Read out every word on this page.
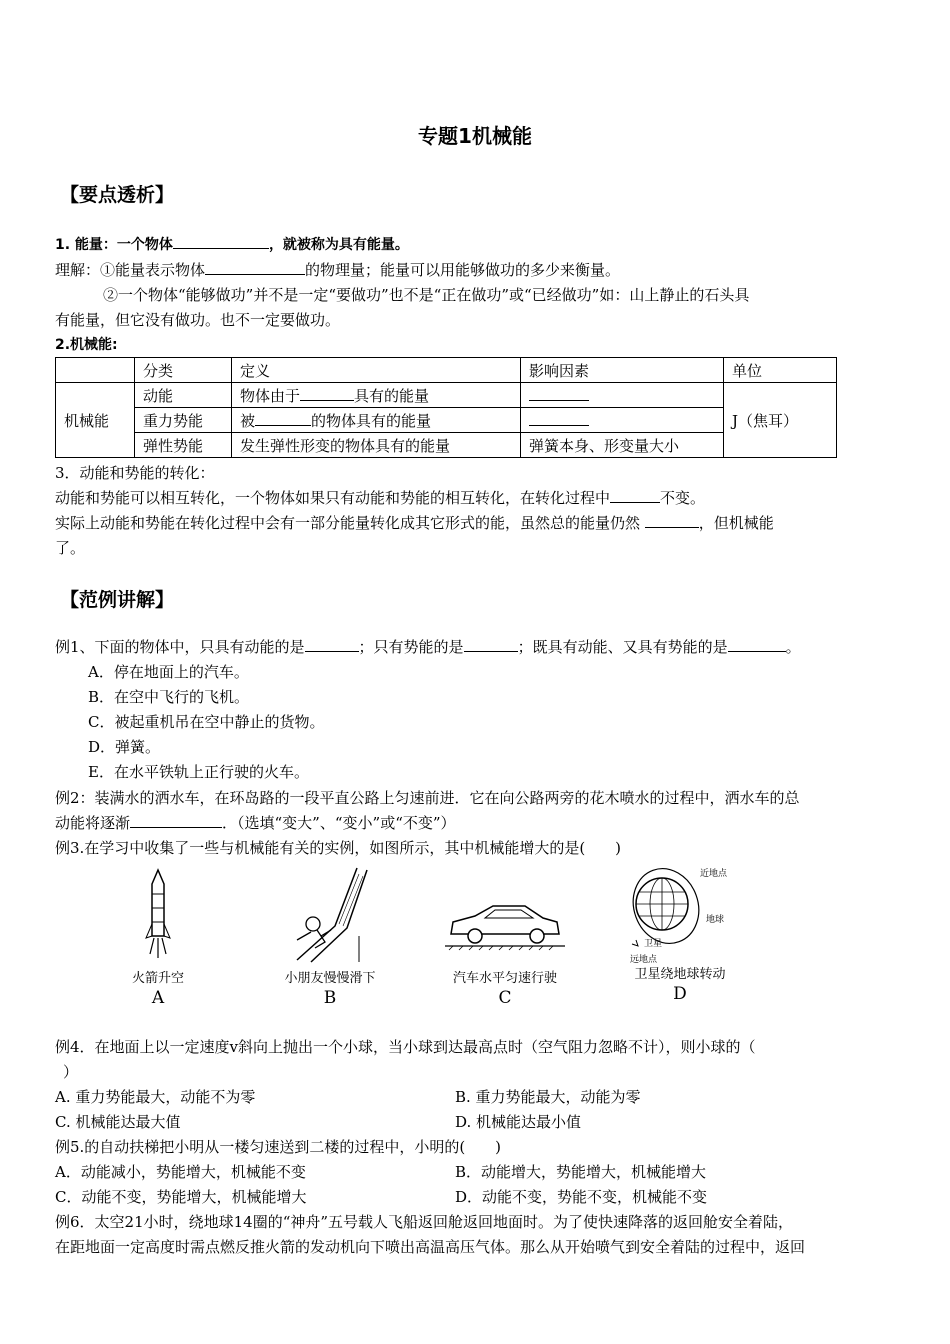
专题1机械能
【要点透析】
1. 能量：一个物体	，就被称为具有能量。
理解：①能量表示物体	的物理量；能量可以用能够做功的多少来衡量。
②一个物体“能够做功”并不是一定“要做功”也不是“正在做功”或“已经做功”如：山上静止的石头具
有能量，但它没有做功。也不一定要做功。
2.机械能:
	分类	定义	影响因素	单位
机械能	动能	物体由于 具有的能量		J（焦耳）
	重力势能	被 的物体具有的能量		
	弹性势能	发生弹性形变的物体具有的能量	弹簧本身、形变量大小	
3．动能和势能的转化：
动能和势能可以相互转化，一个物体如果只有动能和势能的相互转化，在转化过程中	不变。
实际上动能和势能在转化过程中会有一部分能量转化成其它形式的能，虽然总的能量仍然	，但机械能
了。
【范例讲解】
例1、下面的物体中，只具有动能的是	；只有势能的是	；既具有动能、又具有势能的是	。
A．停在地面上的汽车。
B．在空中飞行的飞机。
C．被起重机吊在空中静止的货物。
D．弹簧。
E．在水平铁轨上正行驶的火车。
例2：装满水的洒水车，在环岛路的一段平直公路上匀速前进．它在向公路两旁的花木喷水的过程中，洒水车的总
动能将逐渐	．（选填“变大”、“变小”或“不变”）
例3.在学习中收集了一些与机械能有关的实例，如图所示，其中机械能增大的是(　　)
火箭升空
A
小朋友慢慢滑下
B
汽车水平匀速行驶
C
近地点
地球
卫星
远地点
卫星绕地球转动
D
例4．在地面上以一定速度v斜向上抛出一个小球，当小球到达最高点时（空气阻力忽略不计），则小球的（
）
A. 重力势能最大，动能不为零	B. 重力势能最大，动能为零
C. 机械能达最大值	D. 机械能达最小值
例5.的自动扶梯把小明从一楼匀速送到二楼的过程中，小明的(　　)
A．动能减小，势能增大，机械能不变	B．动能增大，势能增大，机械能增大
C．动能不变，势能增大，机械能增大	D．动能不变，势能不变，机械能不变
例6．太空21小时，绕地球14圈的“神舟”五号载人飞船返回舱返回地面时。为了使快速降落的返回舱安全着陆，
在距地面一定高度时需点燃反推火箭的发动机向下喷出高温高压气体。那么从开始喷气到安全着陆的过程中，返回
